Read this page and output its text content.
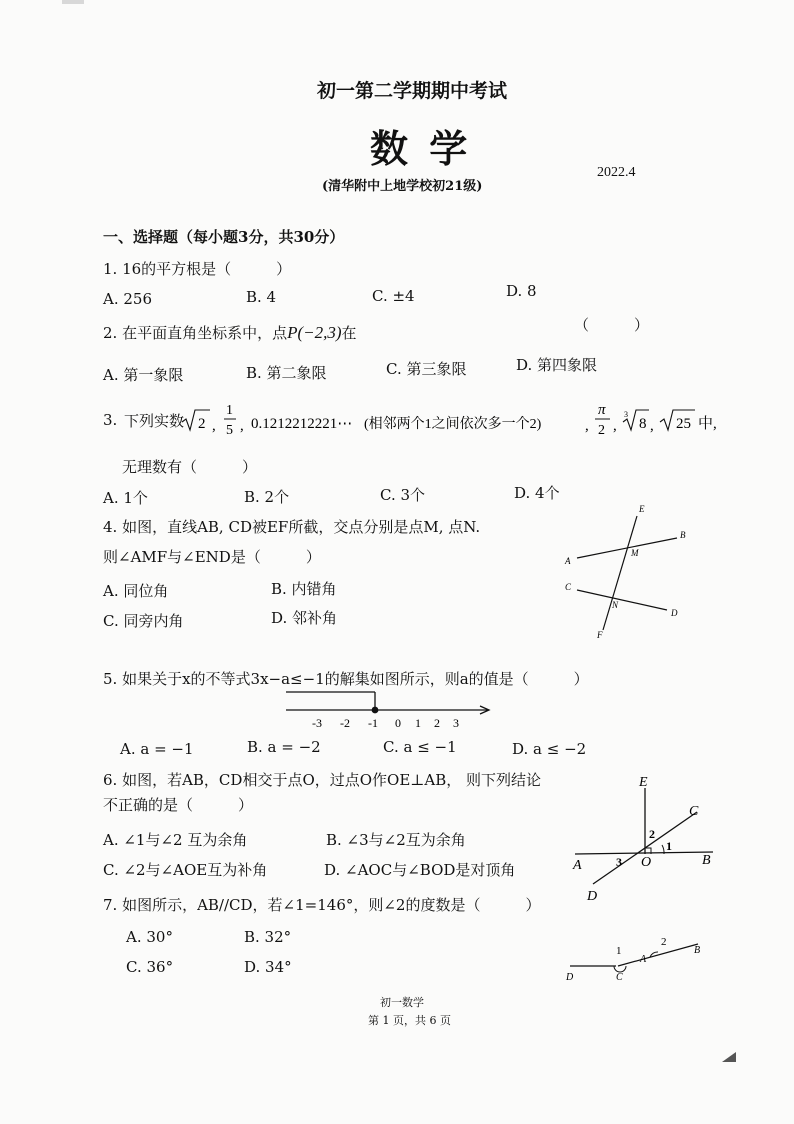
初一第二学期期中考试
数 学
(清华附中上地学校初21级)
2022.4
一、选择题（每小题3分，共30分）
1. 16的平方根是（　　　）
A. 256	B. 4	C. ±4	D. 8
2. 在平面直角坐标系中，点P(−2,3)在	（　　　）
A. 第一象限	B. 第二象限	C. 第三象限	D. 第四象限
3. 下列实数 2 ,
1
5 , 0.1212212221⋯ (相邻两个1之间依次多一个2)	,
π
2 ,
3
8 , 25 中,
无理数有（　　　）
A. 1个	B. 2个	C. 3个	D. 4个
4. 如图，直线AB, CD被EF所截，交点分别是点M, 点N.
则∠AMF与∠END是（　　　）
A. 同位角	B. 内错角
C. 同旁内角	D. 邻补角
E
B
M
A
C
N
D
F
5. 如果关于x的不等式3x−a≤−1的解集如图所示，则a的值是（　　　）
-3 -2 -1 0 1 2 3
A. a = −1	B. a = −2	C. a ≤ −1	D. a ≤ −2
6. 如图，若AB，CD相交于点O，过点O作OE⊥AB， 则下列结论
不正确的是（　　　）
A. ∠1与∠2 互为余角	B. ∠3与∠2互为余角
C. ∠2与∠AOE互为补角	D. ∠AOC与∠BOD是对顶角
E
C
2
1
A	3 O	B
D
7. 如图所示，AB//CD，若∠1=146°，则∠2的度数是（　　　）
A. 30°	B. 32°
C. 36°	D. 34°
1
2
A
B
D	C
初一数学
第 1 页，共 6 页
